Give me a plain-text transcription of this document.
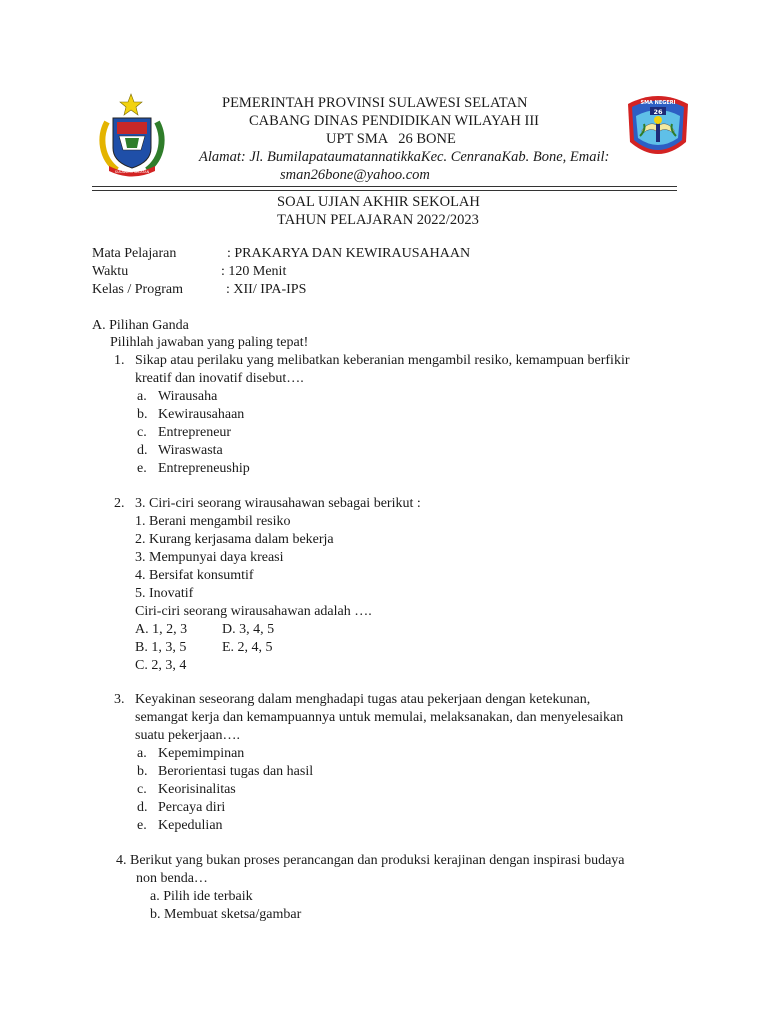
SULAWESI SELATAN
SMA NEGERI
26
PEMERINTAH PROVINSI SULAWESI SELATAN
CABANG DINAS PENDIDIKAN WILAYAH III
UPT SMA   26 BONE
Alamat: Jl. BumilapataumatannatikkaKec. CenranaKab. Bone, Email:
sman26bone@yahoo.com
SOAL UJIAN AKHIR SEKOLAH
TAHUN PELAJARAN 2022/2023
Mata Pelajaran	: PRAKARYA DAN KEWIRAUSAHAAN
Waktu	: 120 Menit
Kelas / Program	: XII/ IPA-IPS
A. Pilihan Ganda
Pilihlah jawaban yang paling tepat!
1. Sikap atau perilaku yang melibatkan keberanian mengambil resiko, kemampuan berfikir
kreatif dan inovatif disebut….
a. Wirausaha
b. Kewirausahaan
c. Entrepreneur
d. Wiraswasta
e. Entrepreneuship
2. 3. Ciri-ciri seorang wirausahawan sebagai berikut :
1. Berani mengambil resiko
2. Kurang kerjasama dalam bekerja
3. Mempunyai daya kreasi
4. Bersifat konsumtif
5. Inovatif
Ciri-ciri seorang wirausahawan adalah ….
A. 1, 2, 3 D. 3, 4, 5
B. 1, 3, 5	E. 2, 4, 5
C. 2, 3, 4
3. Keyakinan seseorang dalam menghadapi tugas atau pekerjaan dengan ketekunan,
semangat kerja dan kemampuannya untuk memulai, melaksanakan, dan menyelesaikan
suatu pekerjaan….
a. Kepemimpinan
b. Berorientasi tugas dan hasil
c. Keorisinalitas
d. Percaya diri
e. Kepedulian
4. Berikut yang bukan proses perancangan dan produksi kerajinan dengan inspirasi budaya
non benda…
a. Pilih ide terbaik
b. Membuat sketsa/gambar
